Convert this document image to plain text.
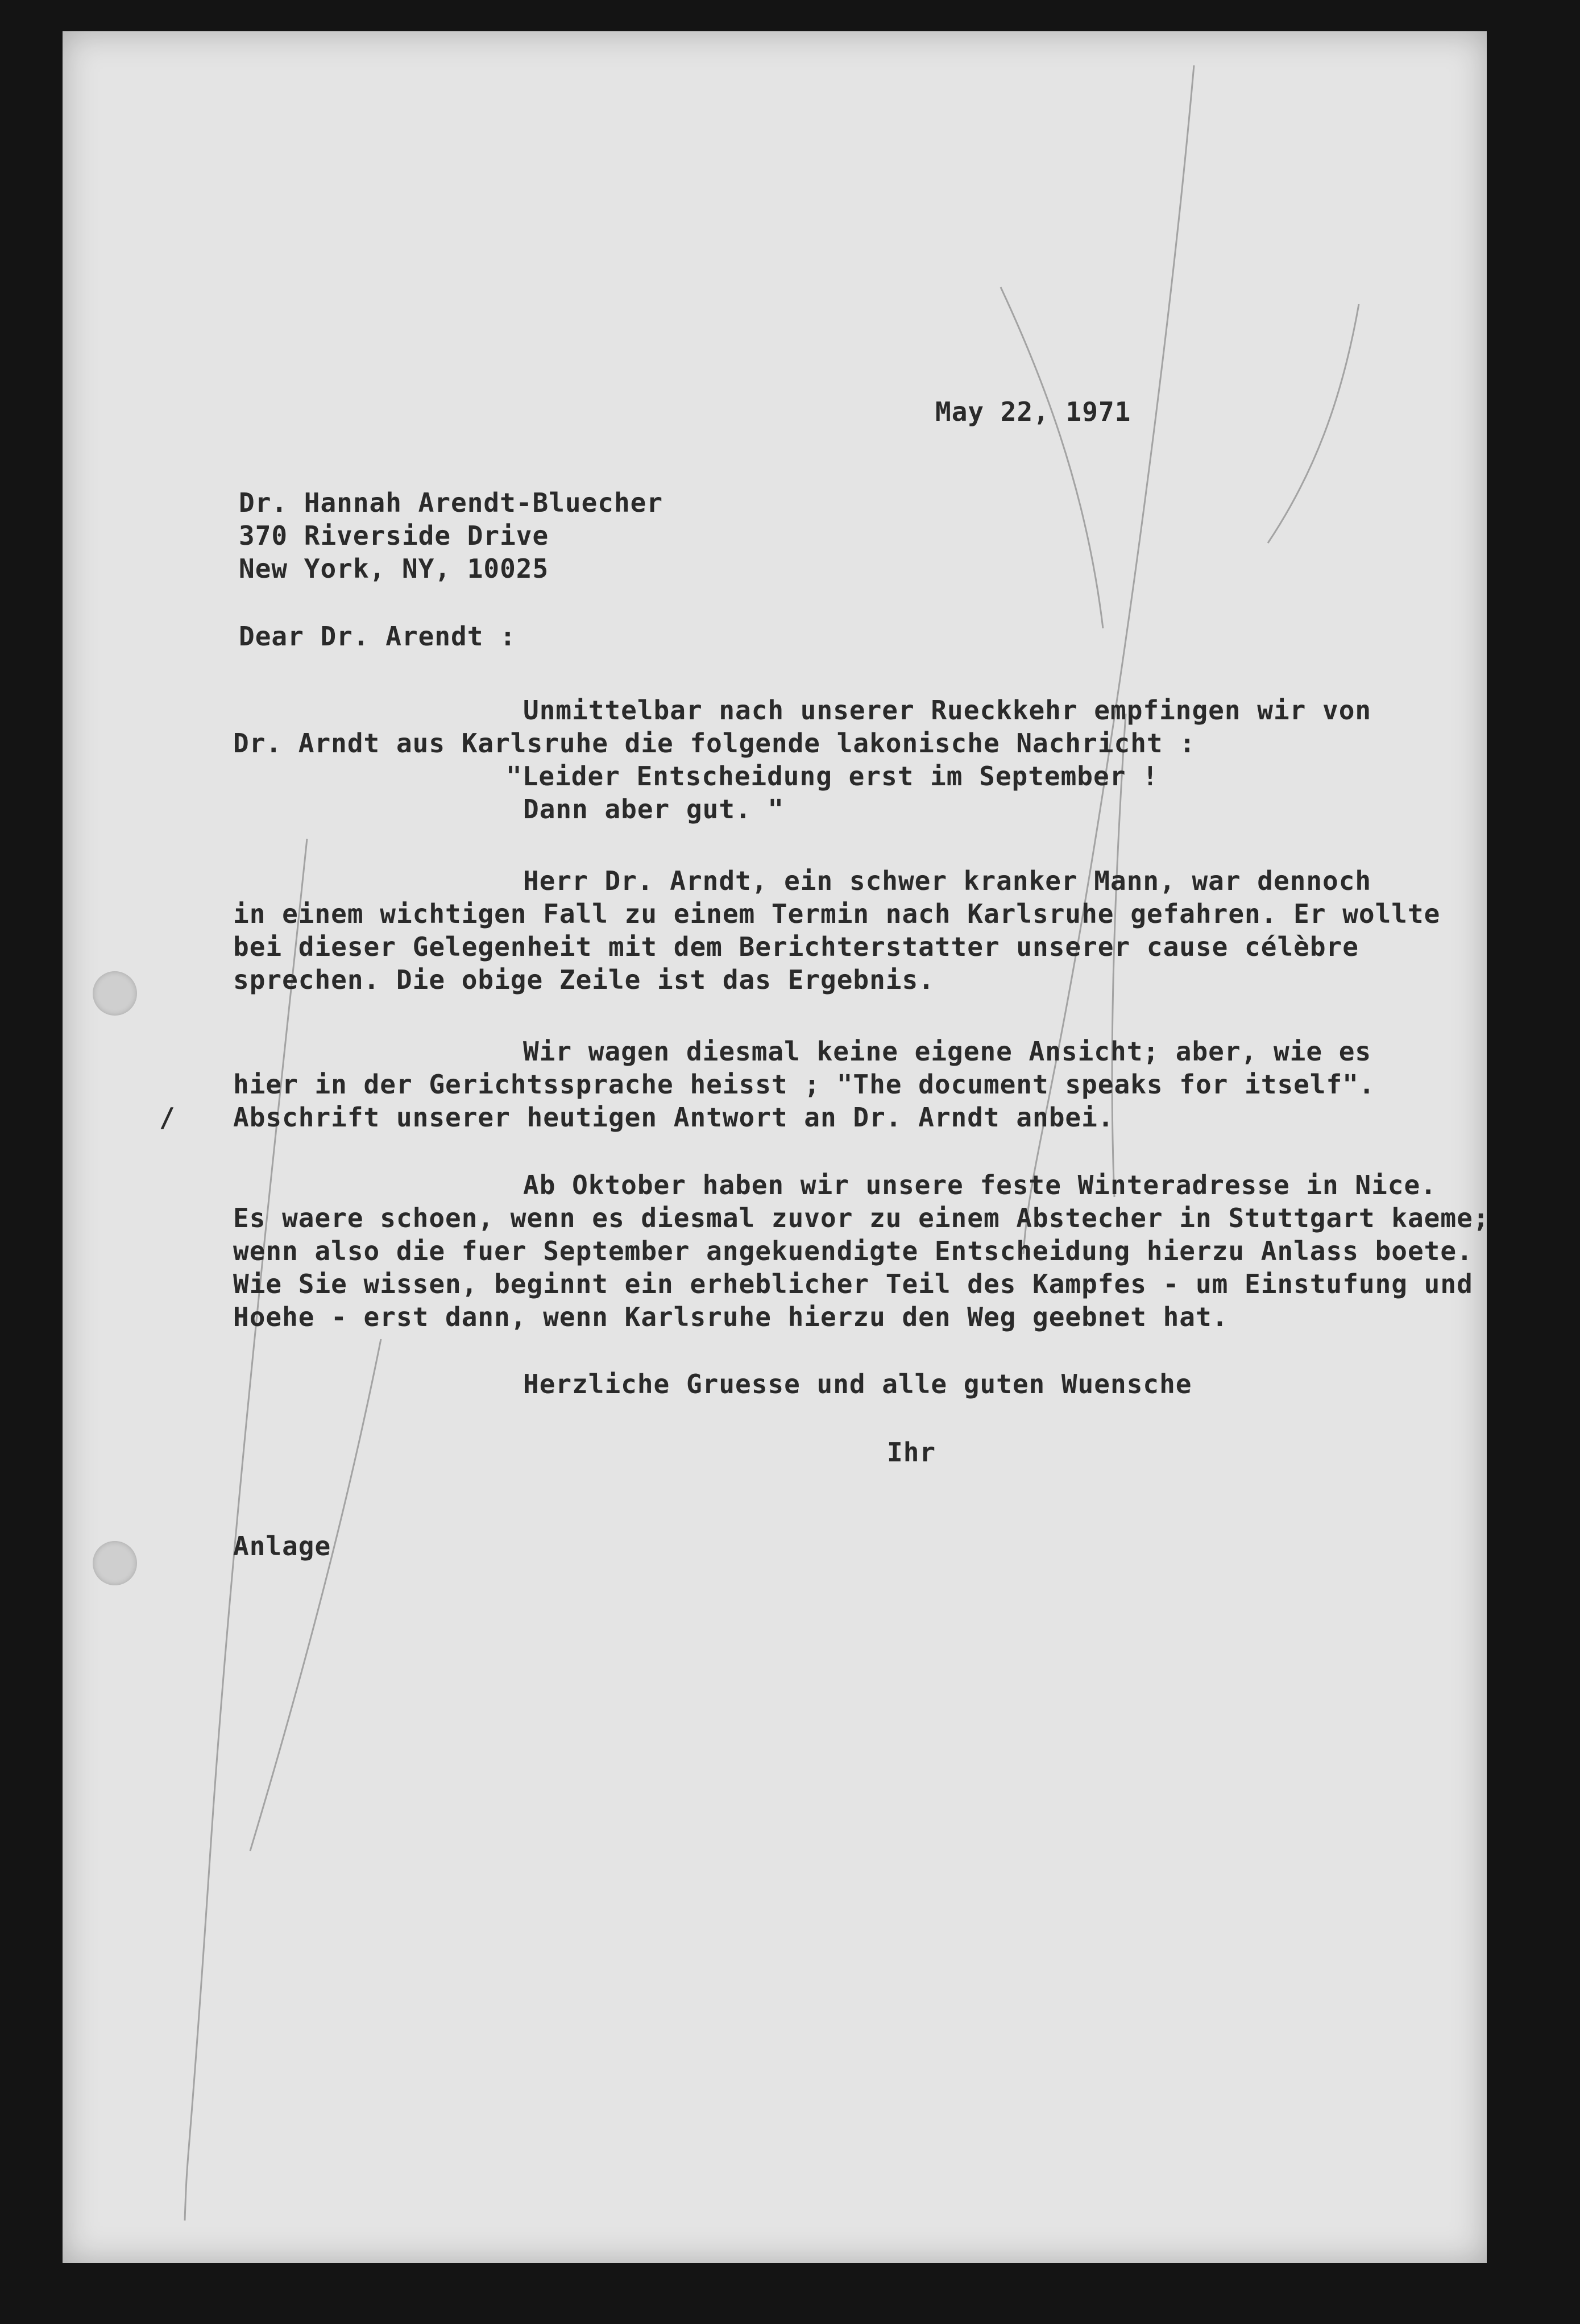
May 22, 1971
Dr. Hannah Arendt-Bluecher
370 Riverside Drive
New York, NY, 10025
Dear Dr. Arendt :
Unmittelbar nach unserer Rueckkehr empfingen wir von
Dr. Arndt aus Karlsruhe die folgende lakonische Nachricht :
"Leider Entscheidung erst im September !
Dann aber gut. "
Herr Dr. Arndt, ein schwer kranker Mann, war dennoch
in einem wichtigen Fall zu einem Termin nach Karlsruhe gefahren. Er wollte
bei dieser Gelegenheit mit dem Berichterstatter unserer cause célèbre
sprechen. Die obige Zeile ist das Ergebnis.
Wir wagen diesmal keine eigene Ansicht; aber, wie es
hier in der Gerichtssprache heisst ; "The document speaks for itself".
Abschrift unserer heutigen Antwort an Dr. Arndt anbei.
/
Ab Oktober haben wir unsere feste Winteradresse in Nice.
Es waere schoen, wenn es diesmal zuvor zu einem Abstecher in Stuttgart kaeme;
wenn also die fuer September angekuendigte Entscheidung hierzu Anlass boete.
Wie Sie wissen, beginnt ein erheblicher Teil des Kampfes - um Einstufung und
Hoehe - erst dann, wenn Karlsruhe hierzu den Weg geebnet hat.
Herzliche Gruesse und alle guten Wuensche
Ihr
Anlage
